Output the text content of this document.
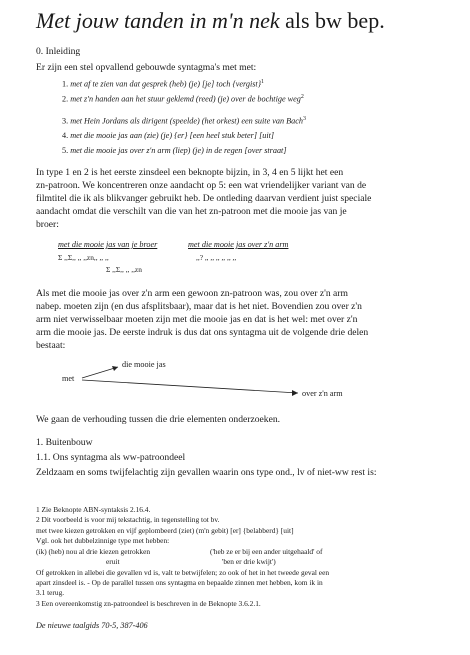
Met jouw tanden in m'n nek als bw bep.
0. Inleiding
Er zijn een stel opvallend gebouwde syntagma's met met:
1. met af te zien van dat gesprek (heb) (je) [je] toch {vergist}$^1$
2. met z'n handen aan het stuur geklemd (reed) (je) over de bochtige weg$^2$
3. met Hein Jordans als dirigent (speelde) (het orkest) een suite van Bach$^3$
4. met die mooie jas aan (zie) (je) {er} [een heel stuk beter] [uit]
5. met die mooie jas over z'n arm (liep) (je) in de regen [over straat]
In type 1 en 2 is het eerste zinsdeel een beknopte bijzin, in 3, 4 en 5 lijkt het een
zn-patroon. We koncentreren onze aandacht op 5: een wat vriendelijker variant van de
filmtitel die ik als blikvanger gebruikt heb. De ontleding daarvan verdient juist speciale
aandacht omdat die verschilt van die van het zn-patroon met die mooie jas van je
broer:
met die mooie jas van je broer	met die mooie jas over z'n arm
Σ ,,Σ,, ,, ,,zn,, ,, ,,	,,? ,, ,, ,, ,, ,, ,,
Σ ,,Σ,, ,, ,,zn
Als met die mooie jas over z'n arm een gewoon zn-patroon was, zou over z'n arm
nabep. moeten zijn (en dus afsplitsbaar), maar dat is het niet. Bovendien zou over z'n
arm niet verwisselbaar moeten zijn met die mooie jas en dat is het wel: met over z'n
arm die mooie jas. De eerste indruk is dus dat ons syntagma uit de volgende drie delen
bestaat:
met
die mooie jas
over z'n arm
We gaan de verhouding tussen die drie elementen onderzoeken.
1. Buitenbouw
1.1. Ons syntagma als ww-patroondeel
Zeldzaam en soms twijfelachtig zijn gevallen waarin ons type ond., lv of niet-ww rest is:
1 Zie Beknopte ABN-syntaksis 2.16.4.
2 Dit voorbeeld is voor mij tekstachtig, in tegenstelling tot bv.
met twee kiezen getrokken en vijf geplombeerd (ziet) (m'n gebit) [er] {belabberd} [uit]
Vgl. ook het dubbelzinnige type met hebben:
(ik) (heb) nou al drie kiezen getrokken
eruit
('heb ze er bij een ander uitgehaald' of
'ben er drie kwijt')
Of getrokken in allebei die gevallen vd is, valt te betwijfelen; zo ook of het in het tweede geval een
apart zinsdeel is. - Op de parallel tussen ons syntagma en bepaalde zinnen met hebben, kom ik in
3.1 terug.
3 Een overeenkomstig zn-patroondeel is beschreven in de Beknopte 3.6.2.1.
De nieuwe taalgids 70-5, 387-406
